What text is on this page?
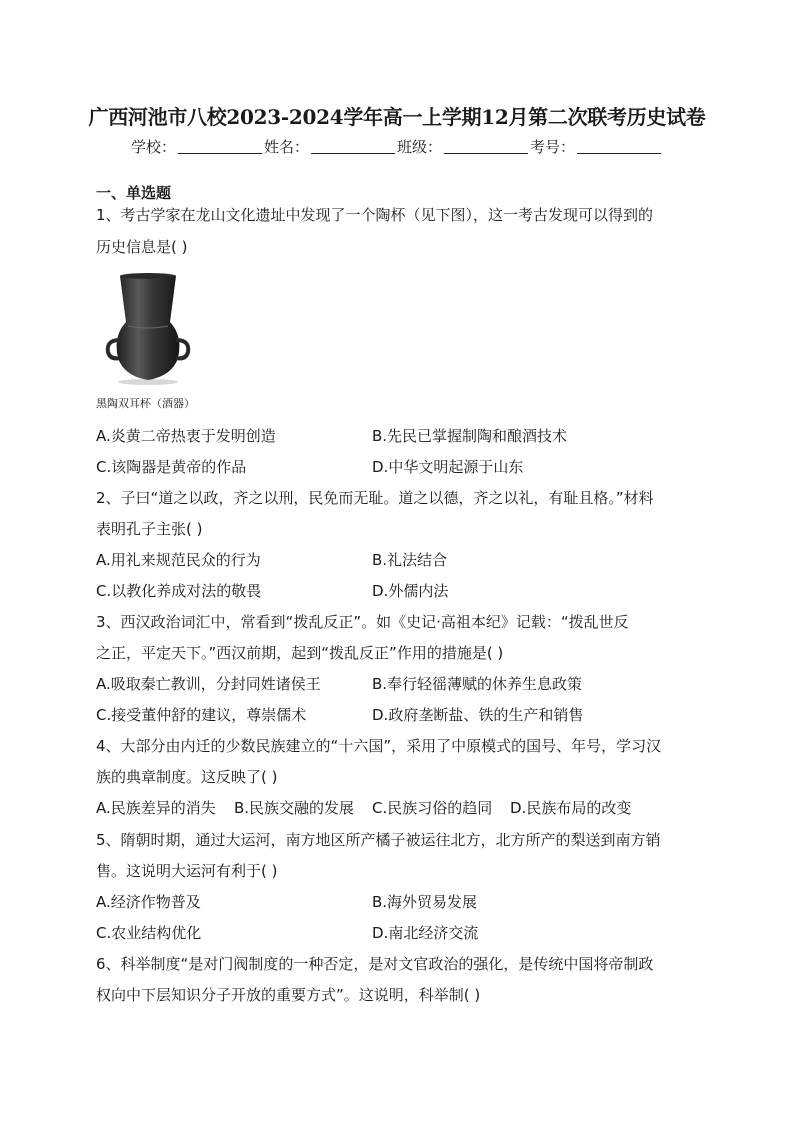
广西河池市八校2023-2024学年高一上学期12月第二次联考历史试卷
学校：	姓名：	班级：	考号：
一、单选题
1、考古学家在龙山文化遗址中发现了一个陶杯（见下图），这一考古发现可以得到的
历史信息是( )
黑陶双耳杯（酒器）
A.炎黄二帝热衷于发明创造	B.先民已掌握制陶和酿酒技术
C.该陶器是黄帝的作品	D.中华文明起源于山东
2、子曰“道之以政，齐之以刑，民免而无耻。道之以德，齐之以礼，有耻且格。”材料
表明孔子主张( )
A.用礼来规范民众的行为	B.礼法结合
C.以教化养成对法的敬畏	D.外儒内法
3、西汉政治词汇中，常看到“拨乱反正”。如《史记·高祖本纪》记载：“拨乱世反
之正，平定天下。”西汉前期，起到“拨乱反正”作用的措施是( )
A.吸取秦亡教训，分封同姓诸侯王	B.奉行轻徭薄赋的休养生息政策
C.接受董仲舒的建议，尊崇儒术	D.政府垄断盐、铁的生产和销售
4、大部分由内迁的少数民族建立的“十六国”，采用了中原模式的国号、年号，学习汉
族的典章制度。这反映了( )
A.民族差异的消失 B.民族交融的发展 C.民族习俗的趋同 D.民族布局的改变
5、隋朝时期，通过大运河，南方地区所产橘子被运往北方，北方所产的梨送到南方销
售。这说明大运河有利于( )
A.经济作物普及	B.海外贸易发展
C.农业结构优化	D.南北经济交流
6、科举制度“是对门阀制度的一种否定，是对文官政治的强化，是传统中国将帝制政
权向中下层知识分子开放的重要方式”。这说明，科举制( )
